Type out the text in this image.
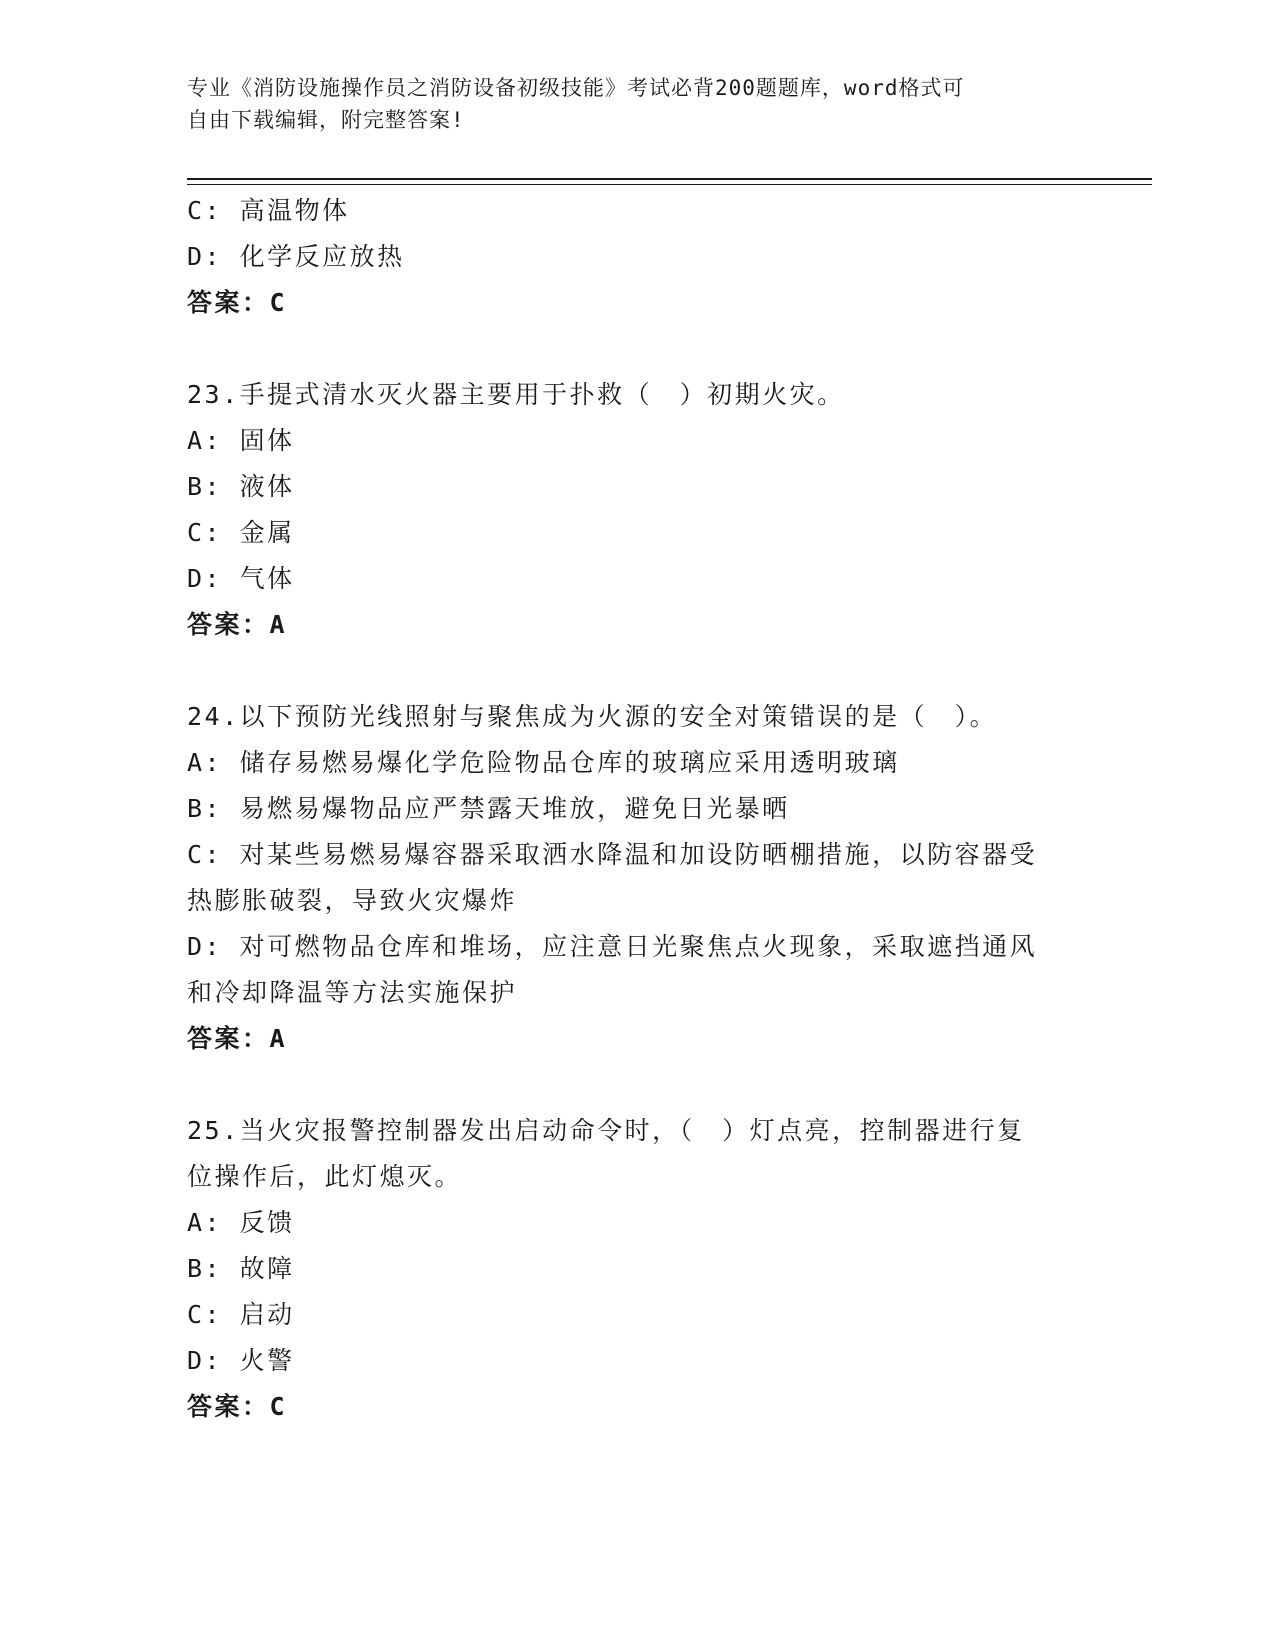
专业《消防设施操作员之消防设备初级技能》考试必背200题题库，word格式可
自由下载编辑，附完整答案!
C: 高温物体
D: 化学反应放热
答案：C
23.手提式清水灭火器主要用于扑救（　）初期火灾。
A: 固体
B: 液体
C: 金属
D: 气体
答案：A
24.以下预防光线照射与聚焦成为火源的安全对策错误的是（　）。
A: 储存易燃易爆化学危险物品仓库的玻璃应采用透明玻璃
B: 易燃易爆物品应严禁露天堆放，避免日光暴晒
C: 对某些易燃易爆容器采取洒水降温和加设防晒棚措施，以防容器受
热膨胀破裂，导致火灾爆炸
D: 对可燃物品仓库和堆场，应注意日光聚焦点火现象，采取遮挡通风
和冷却降温等方法实施保护
答案：A
25.当火灾报警控制器发出启动命令时，（　）灯点亮，控制器进行复
位操作后，此灯熄灭。
A: 反馈
B: 故障
C: 启动
D: 火警
答案：C
